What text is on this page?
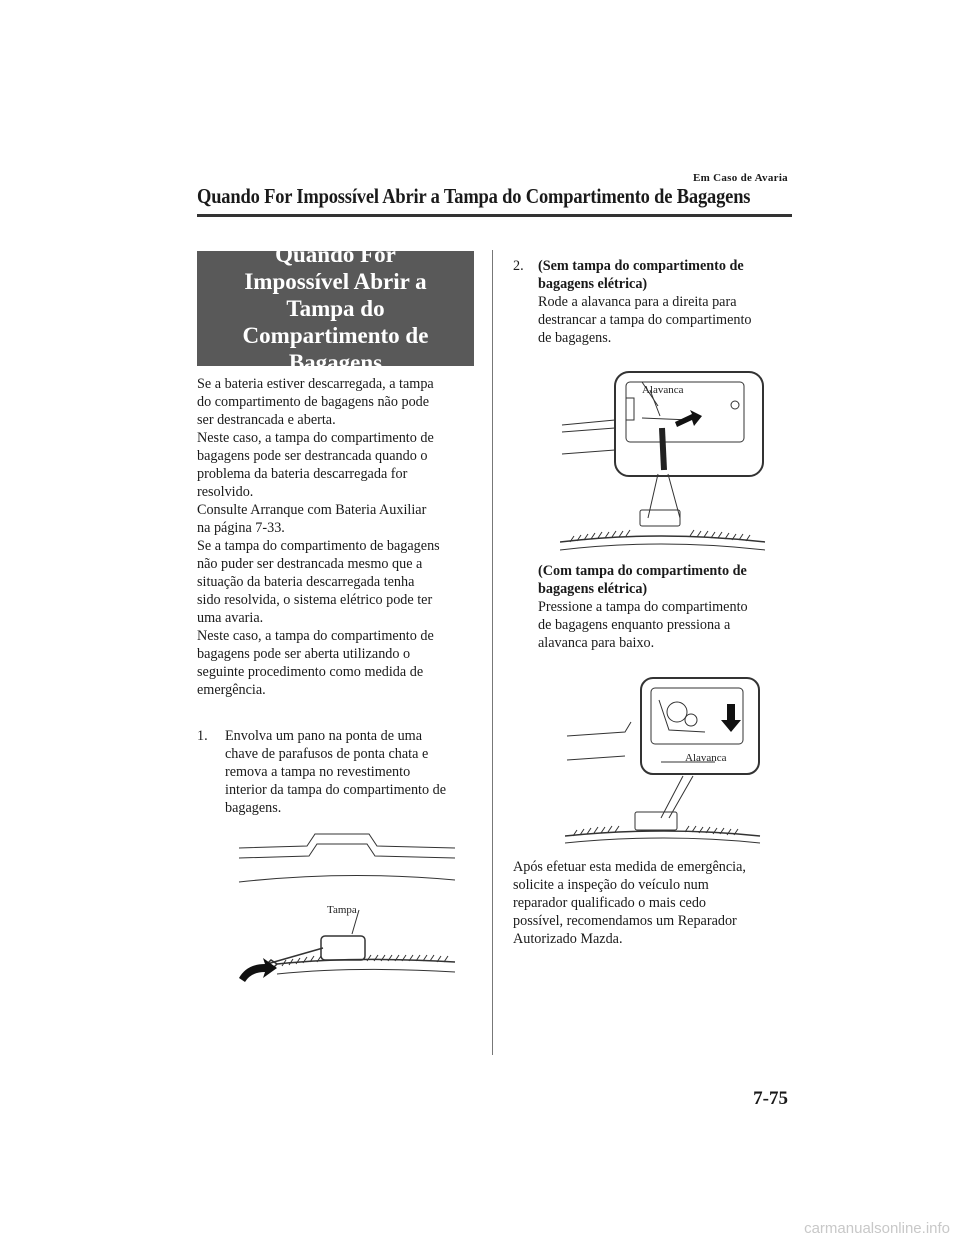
Em Caso de Avaria
Quando For Impossível Abrir a Tampa do Compartimento de Bagagens
Quando For Impossível Abrir a Tampa do Compartimento de Bagagens
Se a bateria estiver descarregada, a tampa
do compartimento de bagagens não pode
ser destrancada e aberta.
Neste caso, a tampa do compartimento de
bagagens pode ser destrancada quando o
problema da bateria descarregada for
resolvido.
Consulte Arranque com Bateria Auxiliar
na página 7-33.
Se a tampa do compartimento de bagagens
não puder ser destrancada mesmo que a
situação da bateria descarregada tenha
sido resolvida, o sistema elétrico pode ter
uma avaria.
Neste caso, a tampa do compartimento de
bagagens pode ser aberta utilizando o
seguinte procedimento como medida de
emergência.
1. Envolva um pano na ponta de uma
chave de parafusos de ponta chata e
remova a tampa no revestimento
interior da tampa do compartimento de
bagagens.
Tampa
2. (Sem tampa do compartimento de
bagagens elétrica)
Rode a alavanca para a direita para
destrancar a tampa do compartimento
de bagagens.
Alavanca
(Com tampa do compartimento de
bagagens elétrica)
Pressione a tampa do compartimento
de bagagens enquanto pressiona a
alavanca para baixo.
Alavanca
Após efetuar esta medida de emergência,
solicite a inspeção do veículo num
reparador qualificado o mais cedo
possível, recomendamos um Reparador
Autorizado Mazda.
7-75
carmanualsonline.info
